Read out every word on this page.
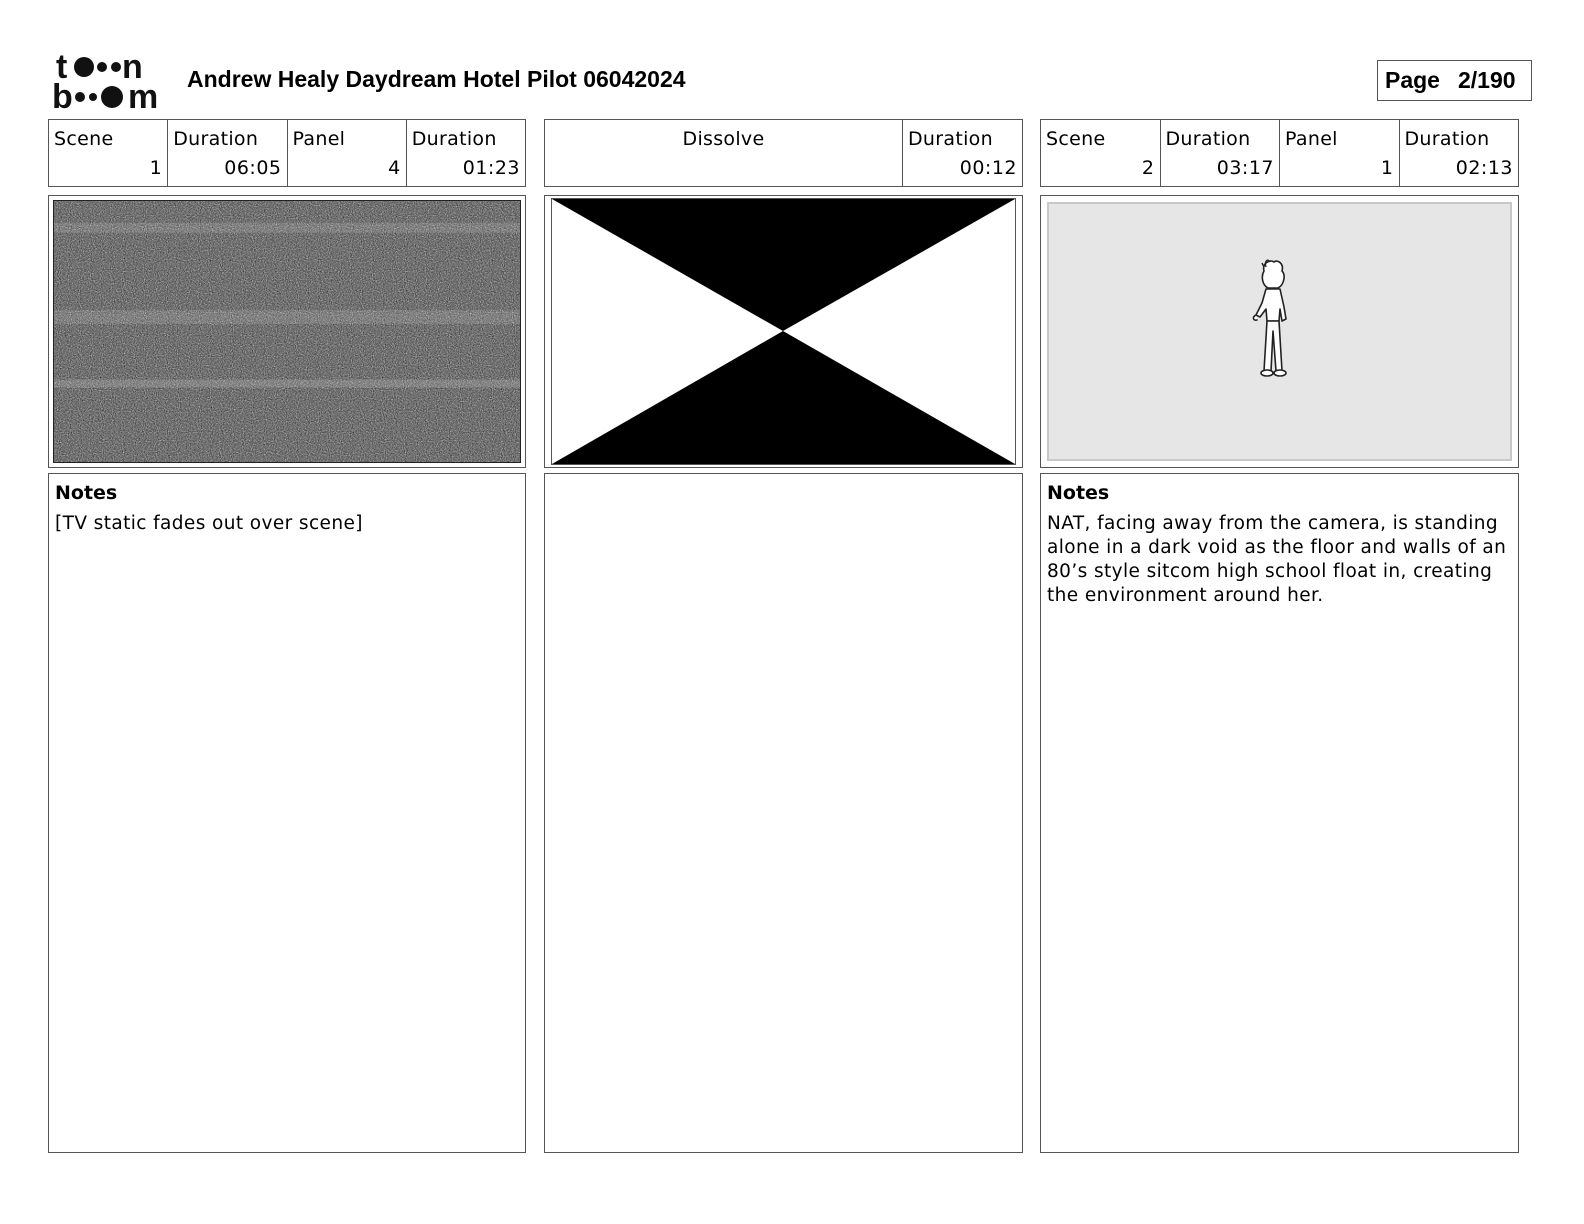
t n
b m Andrew Healy Daydream Hotel Pilot 06042024	Page 2/190
Scene
1
Duration
06:05
Panel
4
Duration
01:23
Dissolve	Duration
00:12
Scene
2
Duration
03:17
Panel
1
Duration
02:13
Notes
[TV static fades out over scene]
Notes
NAT, facing away from the camera, is standing alone in a dark void as the floor and walls of an 80’s style sitcom high school float in, creating the environment around her.
